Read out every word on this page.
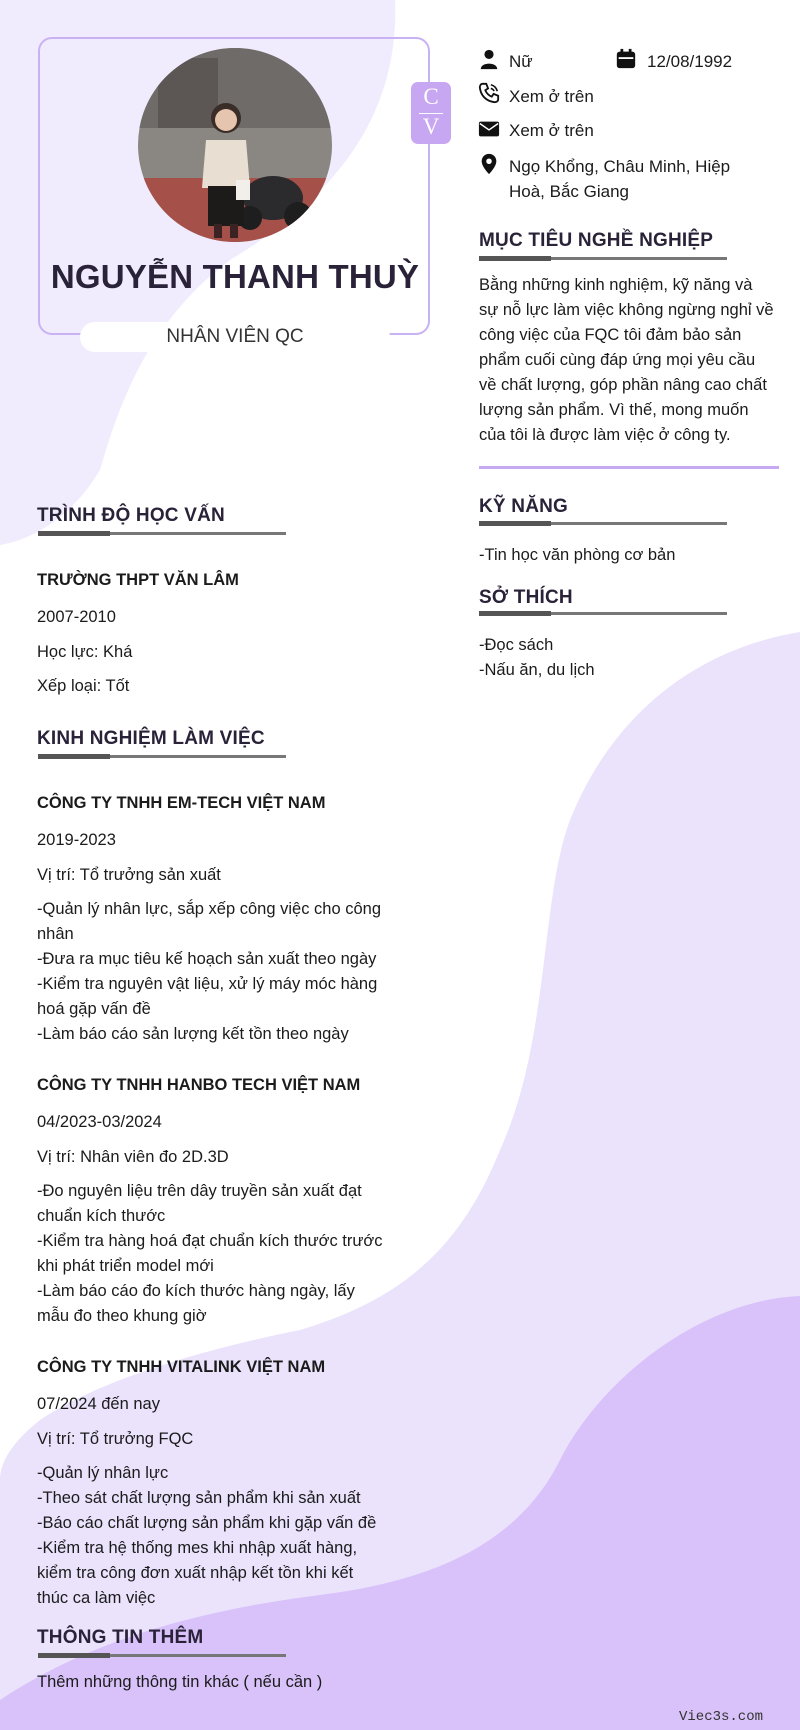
NGUYỄN THANH THUỲ
NHÂN VIÊN QC
C
V
Nữ	12/08/1992
Xem ở trên
Xem ở trên
Ngọ Khổng, Châu Minh, Hiệp
Hoà, Bắc Giang
MỤC TIÊU NGHỀ NGHIỆP
Bằng những kinh nghiệm, kỹ năng và
sự nỗ lực làm việc không ngừng nghỉ về
công việc của FQC tôi đảm bảo sản
phẩm cuối cùng đáp ứng mọi yêu cầu
về chất lượng, góp phần nâng cao chất
lượng sản phẩm. Vì thế, mong muốn
của tôi là được làm việc ở công ty.
KỸ NĂNG
-Tin học văn phòng cơ bản
SỞ THÍCH
-Đọc sách
-Nấu ăn, du lịch
TRÌNH ĐỘ HỌC VẤN
TRƯỜNG THPT VĂN LÂM
2007-2010
Học lực: Khá
Xếp loại: Tốt
KINH NGHIỆM LÀM VIỆC
CÔNG TY TNHH EM-TECH VIỆT NAM
2019-2023
Vị trí: Tổ trưởng sản xuất
-Quản lý nhân lực, sắp xếp công việc cho công
nhân
-Đưa ra mục tiêu kế hoạch sản xuất theo ngày
-Kiểm tra nguyên vật liệu, xử lý máy móc hàng
hoá gặp vấn đề
-Làm báo cáo sản lượng kết tồn theo ngày
CÔNG TY TNHH HANBO TECH VIỆT NAM
04/2023-03/2024
Vị trí: Nhân viên đo 2D.3D
-Đo nguyên liệu trên dây truyền sản xuất đạt
chuẩn kích thước
-Kiểm tra hàng hoá đạt chuẩn kích thước trước
khi phát triển model mới
-Làm báo cáo đo kích thước hàng ngày, lấy
mẫu đo theo khung giờ
CÔNG TY TNHH VITALINK VIỆT NAM
07/2024 đến nay
Vị trí: Tổ trưởng FQC
-Quản lý nhân lực
-Theo sát chất lượng sản phẩm khi sản xuất
-Báo cáo chất lượng sản phẩm khi gặp vấn đề
-Kiểm tra hệ thống mes khi nhập xuất hàng,
kiểm tra công đơn xuất nhập kết tồn khi kết
thúc ca làm việc
THÔNG TIN THÊM
Thêm những thông tin khác ( nếu cần )
Viec3s.com
